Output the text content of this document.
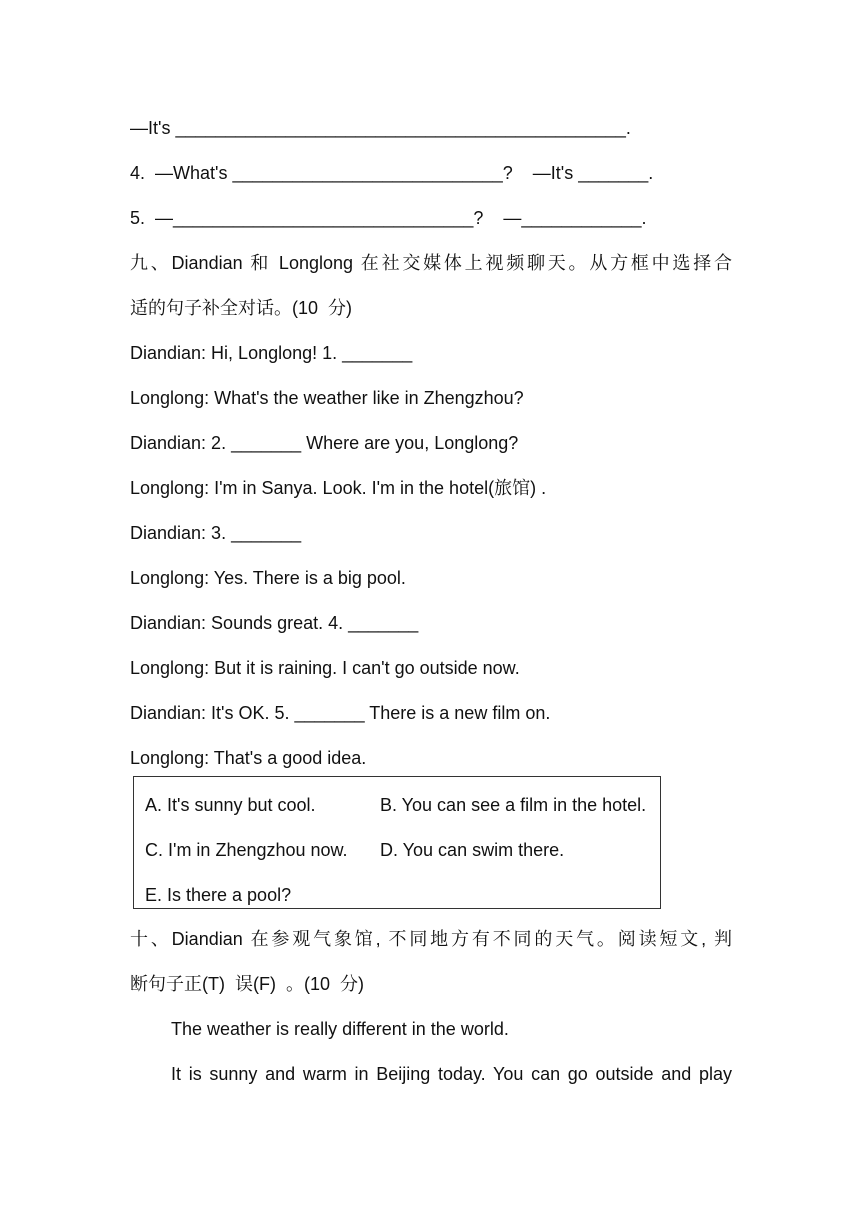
—It's _____________________________________________.

4.  —What's ___________________________?    —It's _______.

5.  —______________________________?    —____________.

九、Diandian 和 Longlong 在社交媒体上视频聊天。从方框中选择合

适的句子补全对话。(10  分)

Diandian: Hi, Longlong! 1. _______

Longlong: What's the weather like in Zhengzhou?

Diandian: 2. _______ Where are you, Longlong?

Longlong: I'm in Sanya. Look. I'm in the hotel(旅馆) .

Diandian: 3. _______

Longlong: Yes. There is a big pool.

Diandian: Sounds great. 4. _______

Longlong: But it is raining. I can't go outside now.

Diandian: It's OK. 5. _______ There is a new film on.

Longlong: That's a good idea.

A. It's sunny but cool.	B. You can see a film in the hotel.
C. I'm in Zhengzhou now. D. You can swim there.
E. Is there a pool?

十、Diandian 在参观气象馆, 不同地方有不同的天气。阅读短文, 判

断句子正(T)  误(F)  。(10  分)

The weather is really different in the world.

It is sunny and warm in Beijing today. You can go outside and play
